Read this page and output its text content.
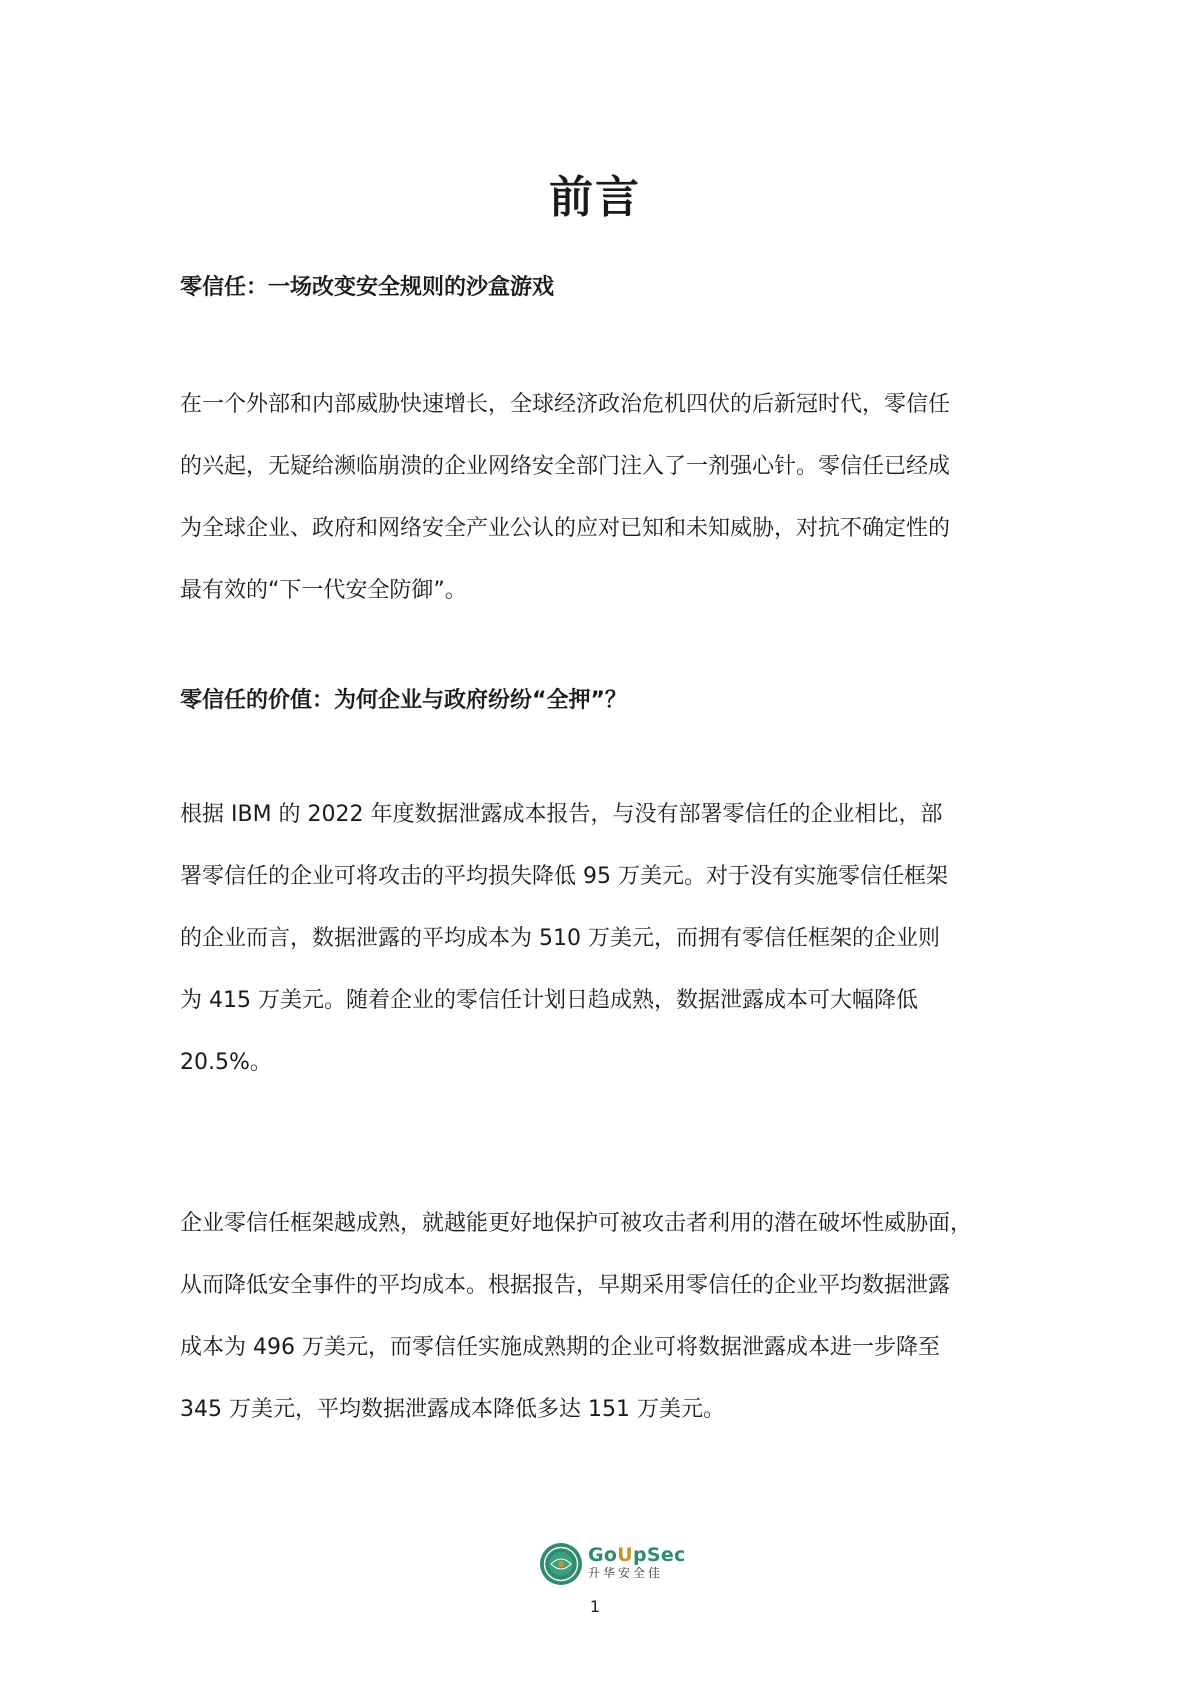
前言
零信任：一场改变安全规则的沙盒游戏
在一个外部和内部威胁快速增长，全球经济政治危机四伏的后新冠时代，零信任
的兴起，无疑给濒临崩溃的企业网络安全部门注入了一剂强心针。零信任已经成
为全球企业、政府和网络安全产业公认的应对已知和未知威胁，对抗不确定性的
最有效的“下一代安全防御”。
零信任的价值：为何企业与政府纷纷“全押”？
根据 IBM 的 2022 年度数据泄露成本报告，与没有部署零信任的企业相比，部
署零信任的企业可将攻击的平均损失降低 95 万美元。对于没有实施零信任框架
的企业而言，数据泄露的平均成本为 510 万美元，而拥有零信任框架的企业则
为 415 万美元。随着企业的零信任计划日趋成熟，数据泄露成本可大幅降低
20.5%。
企业零信任框架越成熟，就越能更好地保护可被攻击者利用的潜在破坏性威胁面，
从而降低安全事件的平均成本。根据报告，早期采用零信任的企业平均数据泄露
成本为 496 万美元，而零信任实施成熟期的企业可将数据泄露成本进一步降至
345 万美元，平均数据泄露成本降低多达 151 万美元。
GoUpSec
升华安全佳

1
